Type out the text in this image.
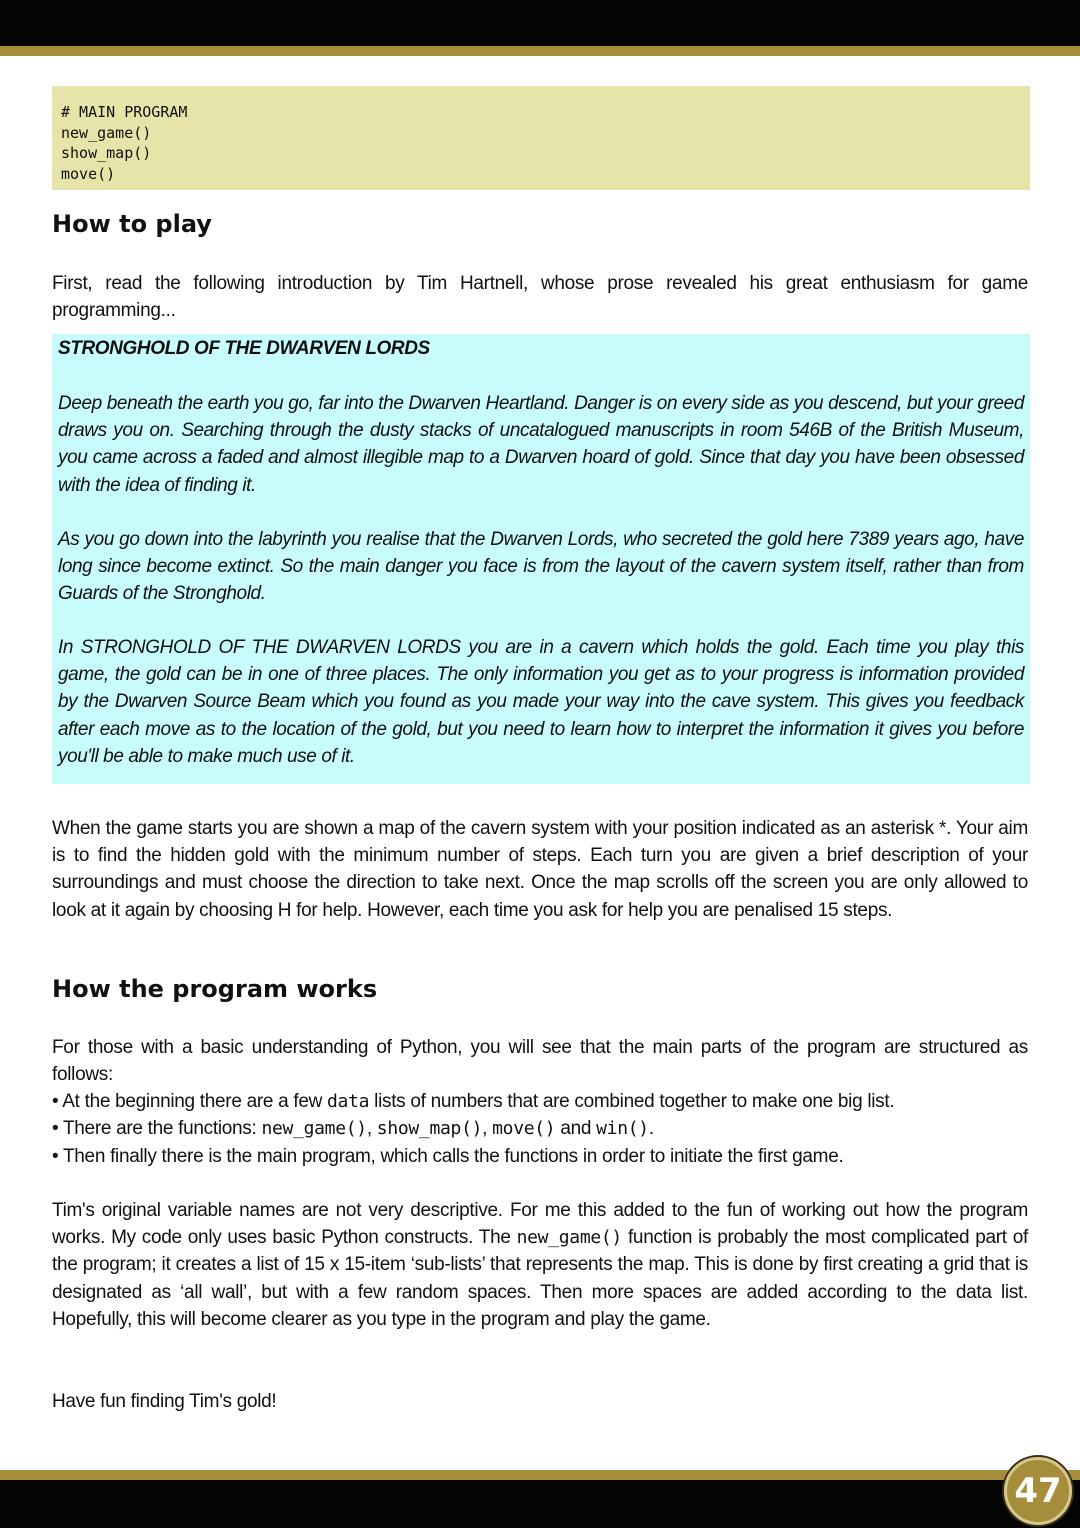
# MAIN PROGRAM
new_game()
show_map()
move()
How to play

First, read the following introduction by Tim Hartnell, whose prose revealed his great enthusiasm for game programming...

STRONGHOLD OF THE DWARVEN LORDS

Deep beneath the earth you go, far into the Dwarven Heartland. Danger is on every side as you descend, but your greed draws you on. Searching through the dusty stacks of uncatalogued manuscripts in room 546B of the British Museum, you came across a faded and almost illegible map to a Dwarven hoard of gold. Since that day you have been obsessed with the idea of finding it.

As you go down into the labyrinth you realise that the Dwarven Lords, who secreted the gold here 7389 years ago, have long since become extinct. So the main danger you face is from the layout of the cavern system itself, rather than from Guards of the Stronghold.

In STRONGHOLD OF THE DWARVEN LORDS you are in a cavern which holds the gold. Each time you play this game, the gold can be in one of three places. The only information you get as to your progress is information provided by the Dwarven Source Beam which you found as you made your way into the cave system. This gives you feedback after each move as to the location of the gold, but you need to learn how to interpret the information it gives you before you'll be able to make much use of it.

When the game starts you are shown a map of the cavern system with your position indicated as an asterisk *. Your aim is to find the hidden gold with the minimum number of steps. Each turn you are given a brief description of your surroundings and must choose the direction to take next. Once the map scrolls off the screen you are only allowed to look at it again by choosing H for help. However, each time you ask for help you are penalised 15 steps.

How the program works

For those with a basic understanding of Python, you will see that the main parts of the program are structured as follows:

• At the beginning there are a few data lists of numbers that are combined together to make one big list.

• There are the functions: new_game(), show_map(), move() and win().

• Then finally there is the main program, which calls the functions in order to initiate the first game.

Tim's original variable names are not very descriptive. For me this added to the fun of working out how the program works. My code only uses basic Python constructs. The new_game() function is probably the most complicated part of the program; it creates a list of 15 x 15-item ‘sub-lists’ that represents the map. This is done by first creating a grid that is designated as ‘all wall’, but with a few random spaces. Then more spaces are added according to the data list. Hopefully, this will become clearer as you type in the program and play the game.

Have fun finding Tim's gold!

47
